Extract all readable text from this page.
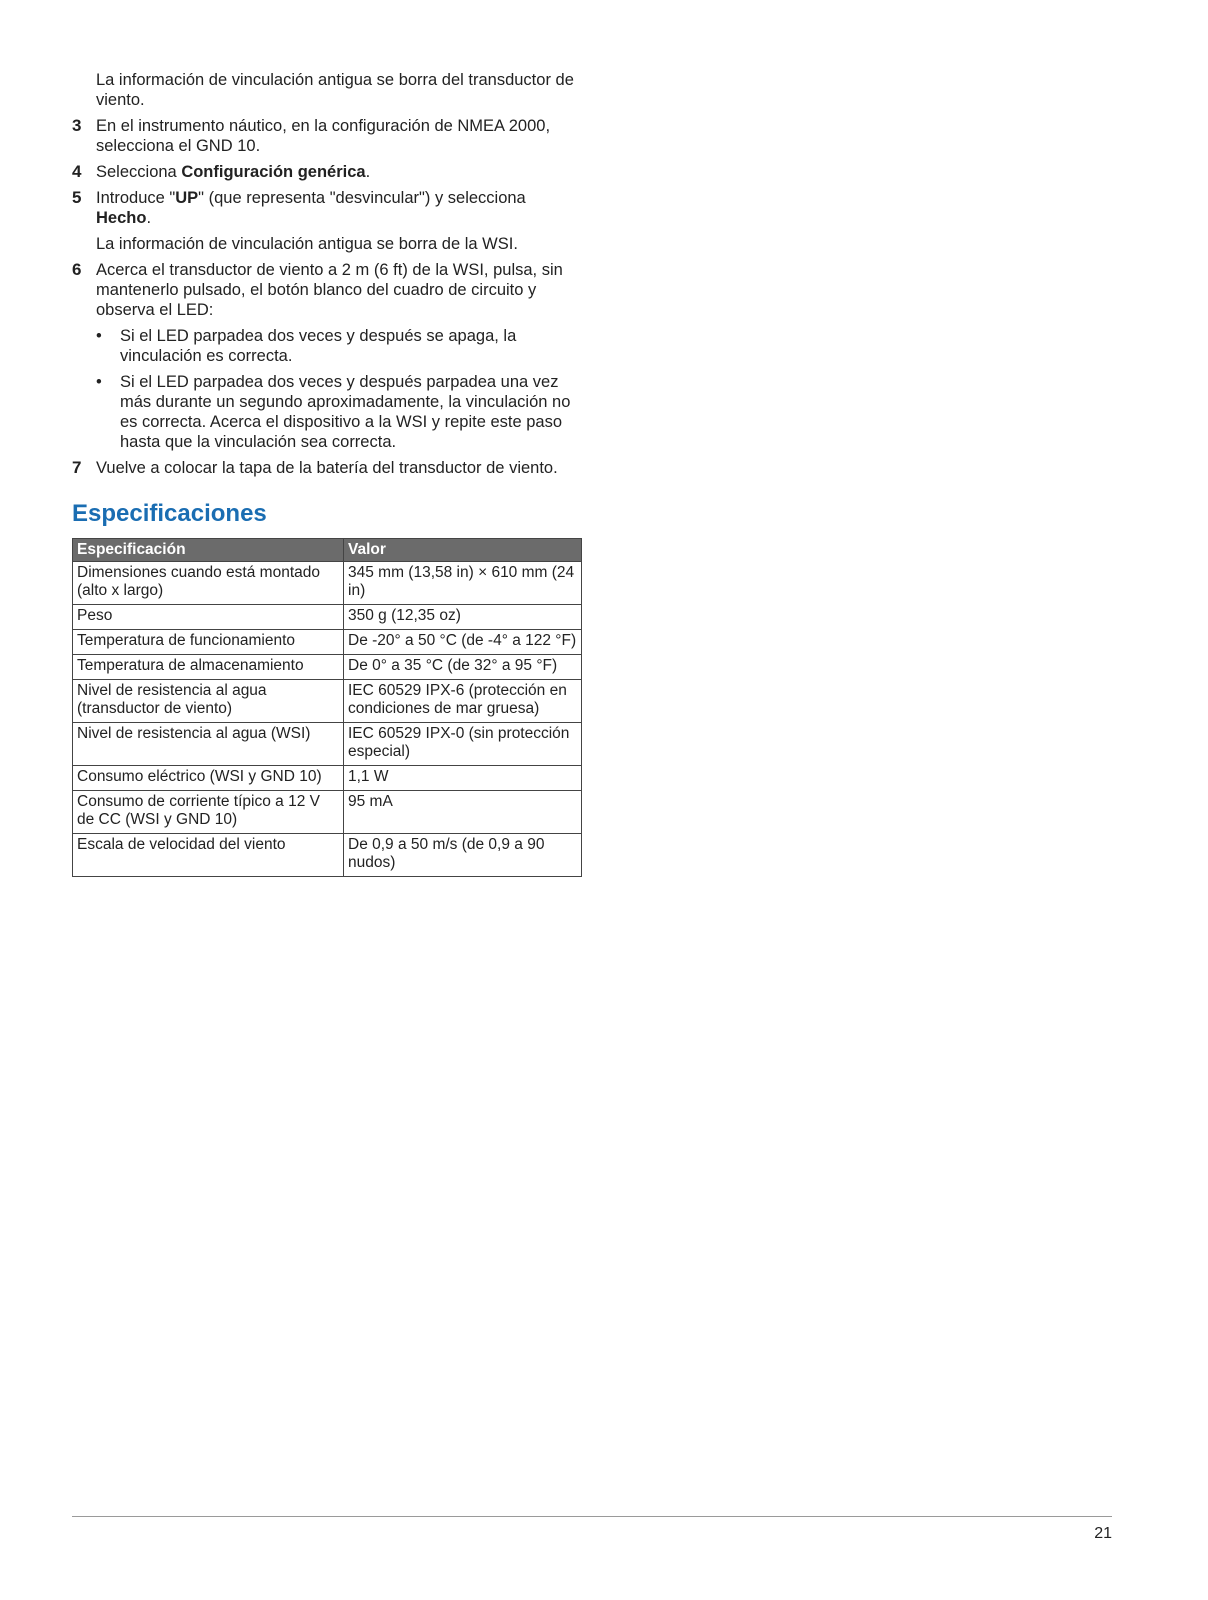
La información de vinculación antigua se borra del transductor de viento.

3 En el instrumento náutico, en la configuración de NMEA 2000, selecciona el GND 10.
4 Selecciona Configuración genérica.
5 Introduce "UP" (que representa "desvincular") y selecciona Hecho.

La información de vinculación antigua se borra de la WSI.

6 Acerca el transductor de viento a 2 m (6 ft) de la WSI, pulsa, sin mantenerlo pulsado, el botón blanco del cuadro de circuito y observa el LED:
• Si el LED parpadea dos veces y después se apaga, la vinculación es correcta.
• Si el LED parpadea dos veces y después parpadea una vez más durante un segundo aproximadamente, la vinculación no es correcta. Acerca el dispositivo a la WSI y repite este paso hasta que la vinculación sea correcta.
7 Vuelve a colocar la tapa de la batería del transductor de viento.
Especificaciones
Especificación	Valor
Dimensiones cuando está montado (alto x largo)	345 mm (13,58 in) × 610 mm (24 in)
Peso	350 g (12,35 oz)
Temperatura de funcionamiento	De -20° a 50 °C (de -4° a 122 °F)
Temperatura de almacenamiento	De 0° a 35 °C (de 32° a 95 °F)
Nivel de resistencia al agua (transductor de viento)	IEC 60529 IPX-6 (protección en condiciones de mar gruesa)
Nivel de resistencia al agua (WSI)	IEC 60529 IPX-0 (sin protección especial)
Consumo eléctrico (WSI y GND 10)	1,1 W
Consumo de corriente típico a 12 V de CC (WSI y GND 10)	95 mA
Escala de velocidad del viento	De 0,9 a 50 m/s (de 0,9 a 90 nudos)
21
